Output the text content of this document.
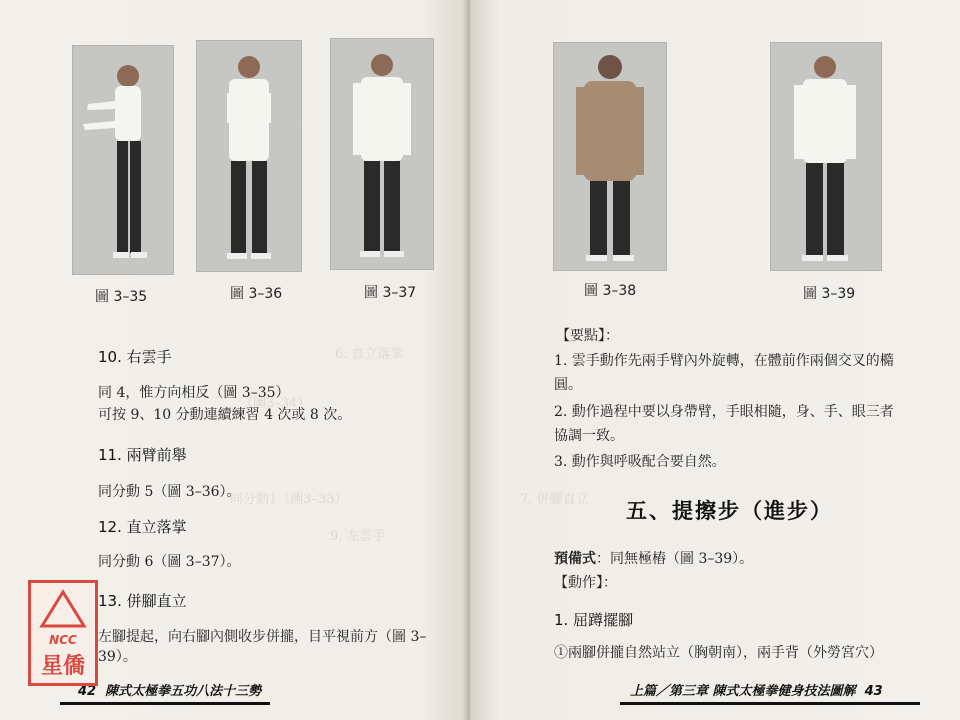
6. 直立落掌
（圖3–34）
同分動1（圖3–33）
9. 左雲手
圖 3–35	圖 3–36	圖 3–37
10. 右雲手
同 4，惟方向相反（圖 3–35）
可按 9、10 分動連續練習 4 次或 8 次。
11. 兩臂前舉
同分動 5（圖 3–36）。
12. 直立落掌
同分動 6（圖 3–37）。
13. 併腳直立
左腳提起，向右腳內側收步併攏，目平視前方（圖 3–
39）。
42 陳式太極拳五功八法十三勢
NCC
星僑
7. 併腳直立
圖 3–38	圖 3–39
【要點】：
1. 雲手動作先兩手臂內外旋轉，在體前作兩個交叉的橢
圓。
2. 動作過程中要以身帶臂，手眼相隨，身、手、眼三者
協調一致。
3. 動作與呼吸配合要自然。
五、提擦步（進步）
預備式：同無極樁（圖 3–39）。
【動作】：
1. 屈蹲擺腳
①兩腳併攏自然站立（胸朝南），兩手背（外勞宮穴）
上篇／第三章 陳式太極拳健身技法圖解 43
